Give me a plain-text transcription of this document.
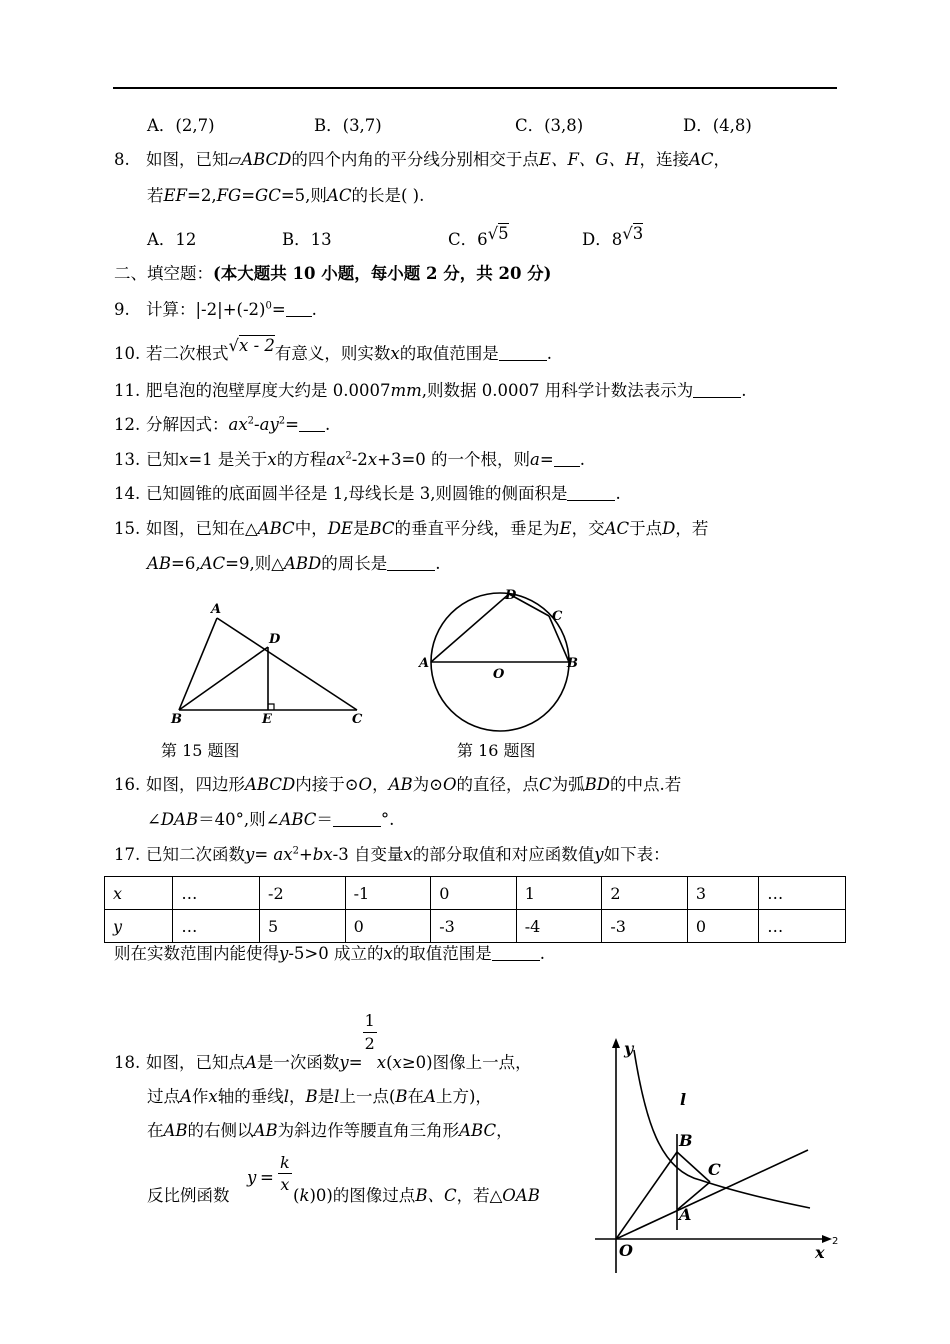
A．(2,7)	B．(3,7)	C．(3,8)	D．(4,8)
8. 如图，已知▱ABCD的四个内角的平分线分别相交于点E、F、G、H，连接AC，
若EF=2,FG=GC=5,则AC的长是( ).
A．12	B．13	C．6√5	D．8√3
二、填空题：(本大题共 10 小题，每小题 2 分，共 20 分)
9. 计算：$|-2|+(-2)^0=$ .
10. 若二次根式√x - 2有意义，则实数x的取值范围是	.
11. 肥皂泡的泡壁厚度大约是 0.0007mm,则数据 0.0007 用科学计数法表示为	.
12. 分解因式：$ax^2-ay^2=$ .
13. 已知x=1 是关于x的方程$ax^2-2x+3=0$ 的一个根，则a= .
14. 已知圆锥的底面圆半径是 1,母线长是 3,则圆锥的侧面积是	.
15. 如图，已知在△ABC中，DE是BC的垂直平分线，垂足为E，交AC于点D，若
AB=6,AC=9,则△ABD的周长是	.
A
B	C
D
E
第 15 题图
A	B
C
D
O
第 16 题图
16. 如图，四边形ABCD内接于⊙O，AB为⊙O的直径，点C为弧BD的中点.若
∠DAB＝40°,则∠ABC＝	°.
17. 已知二次函数$y= ax^2+bx-3$ 自变量x的部分取值和对应函数值y如下表：
x	…	-2	-1	0	1	2	3	…
y	…	5	0	-3	-4	-3	0	…
则在实数范围内能使得y-5>0 成立的x的取值范围是	.
18. 如图，已知点A是一次函数y=
$\frac{1}{2}$
x(x≥0)图像上一点，
过点A作x轴的垂线l，B是l上一点(B在A上方)，
在AB的右侧以AB为斜边作等腰直角三角形ABC，
反比例函数
$y = \frac{k}{x} (k)0$)的图像过点B、C，若△OAB
y
x
O
l
B
C
A
2
